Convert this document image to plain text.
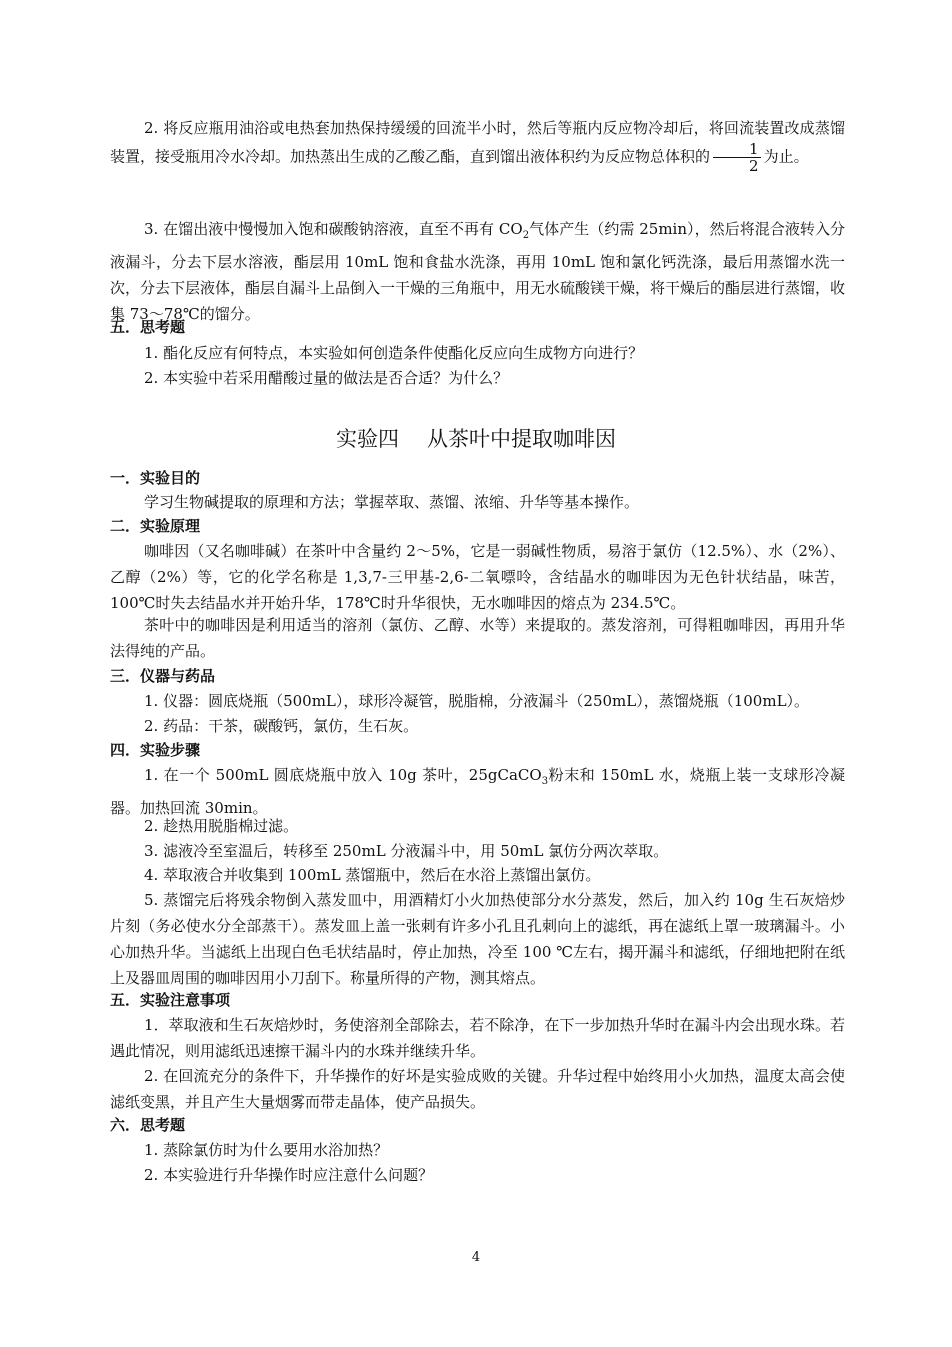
2. 将反应瓶用油浴或电热套加热保持缓缓的回流半小时，然后等瓶内反应物冷却后，将回流装置改成蒸馏装置，接受瓶用冷水冷却。加热蒸出生成的乙酸乙酯，直到馏出液体积约为反应物总体积的 $\frac{1}{2}$ 为止。

3. 在馏出液中慢慢加入饱和碳酸钠溶液，直至不再有 $CO_2$气体产生（约需 25min），然后将混合液转入分液漏斗，分去下层水溶液，酯层用 10mL 饱和食盐水洗涤，再用 10mL 饱和氯化钙洗涤，最后用蒸馏水洗一次，分去下层液体，酯层自漏斗上品倒入一干燥的三角瓶中，用无水硫酸镁干燥，将干燥后的酯层进行蒸馏，收集 73～78℃的馏分。

五．思考题

1. 酯化反应有何特点，本实验如何创造条件使酯化反应向生成物方向进行？

2. 本实验中若采用醋酸过量的做法是否合适？为什么？

实验四 从茶叶中提取咖啡因

一．实验目的

学习生物碱提取的原理和方法；掌握萃取、蒸馏、浓缩、升华等基本操作。

二．实验原理

咖啡因（又名咖啡碱）在茶叶中含量约 2～5%，它是一弱碱性物质，易溶于氯仿（12.5%）、水（2%）、乙醇（2%）等，它的化学名称是 1,3,7-三甲基-2,6-二氧嘌呤，含结晶水的咖啡因为无色针状结晶，味苦，100℃时失去结晶水并开始升华，178℃时升华很快，无水咖啡因的熔点为 234.5℃。

茶叶中的咖啡因是利用适当的溶剂（氯仿、乙醇、水等）来提取的。蒸发溶剂，可得粗咖啡因，再用升华法得纯的产品。

三．仪器与药品

1. 仪器：圆底烧瓶（500mL），球形冷凝管，脱脂棉，分液漏斗（250mL），蒸馏烧瓶（100mL）。

2. 药品：干茶，碳酸钙，氯仿，生石灰。

四．实验步骤

1. 在一个 500mL 圆底烧瓶中放入 10g 茶叶，25gCaCO$_3$粉末和 150mL 水，烧瓶上装一支球形冷凝器。加热回流 30min。

2. 趁热用脱脂棉过滤。

3. 滤液冷至室温后，转移至 250mL 分液漏斗中，用 50mL 氯仿分两次萃取。

4. 萃取液合并收集到 100mL 蒸馏瓶中，然后在水浴上蒸馏出氯仿。

5. 蒸馏完后将残余物倒入蒸发皿中，用酒精灯小火加热使部分水分蒸发，然后，加入约 10g 生石灰焙炒片刻（务必使水分全部蒸干）。蒸发皿上盖一张刺有许多小孔且孔刺向上的滤纸，再在滤纸上罩一玻璃漏斗。小心加热升华。当滤纸上出现白色毛状结晶时，停止加热，冷至 100 ℃左右，揭开漏斗和滤纸，仔细地把附在纸上及器皿周围的咖啡因用小刀刮下。称量所得的产物，测其熔点。

五．实验注意事项

1．萃取液和生石灰焙炒时，务使溶剂全部除去，若不除净，在下一步加热升华时在漏斗内会出现水珠。若遇此情况，则用滤纸迅速擦干漏斗内的水珠并继续升华。

2. 在回流充分的条件下，升华操作的好坏是实验成败的关键。升华过程中始终用小火加热，温度太高会使滤纸变黑，并且产生大量烟雾而带走晶体，使产品损失。

六．思考题

1. 蒸除氯仿时为什么要用水浴加热？

2. 本实验进行升华操作时应注意什么问题？

4
